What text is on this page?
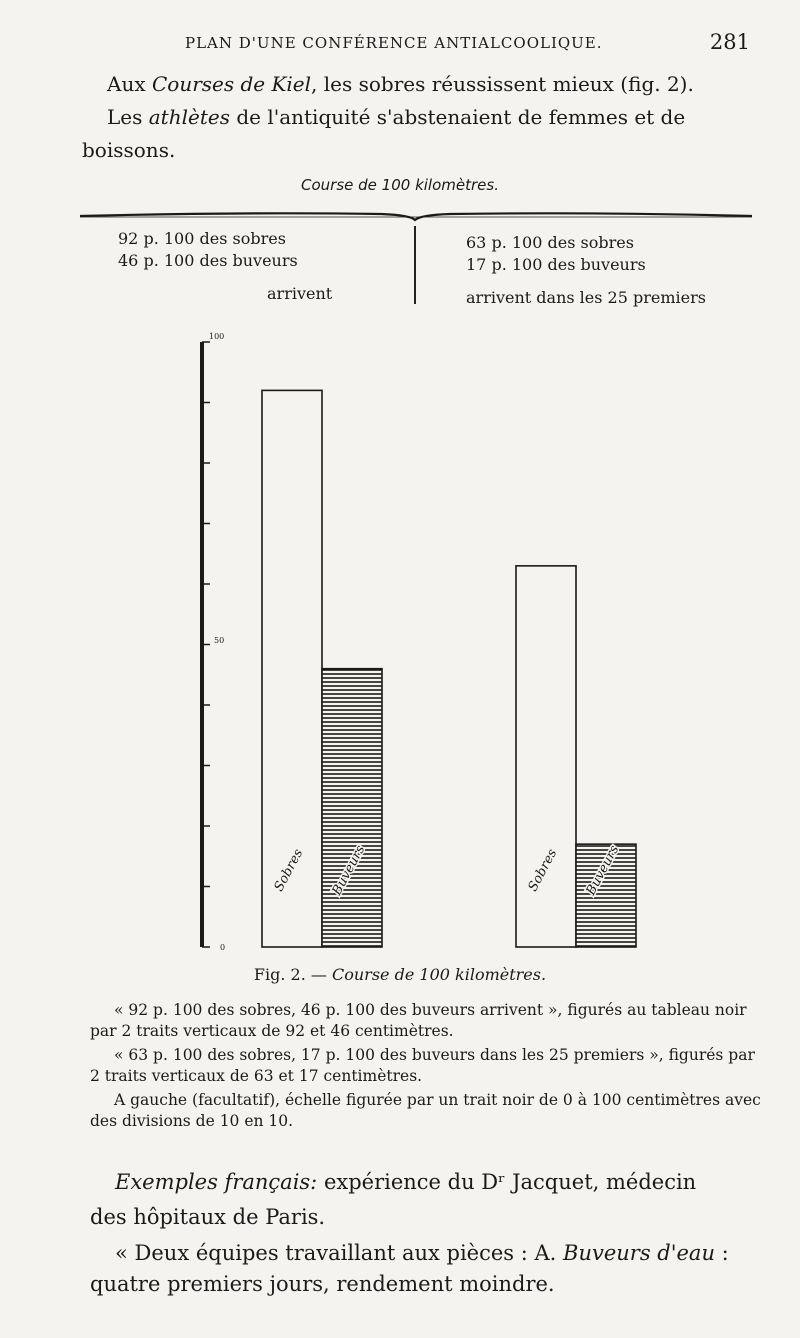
PLAN D'UNE CONFÉRENCE ANTIALCOOLIQUE.	281
Aux Courses de Kiel, les sobres réussissent mieux (fig. 2).
Les athlètes de l'antiquité s'abstenaient de femmes et de
boissons.
Course de 100 kilomètres.
92 p. 100 des sobres
46 p. 100 des buveurs
arrivent
63 p. 100 des sobres
17 p. 100 des buveurs
arrivent dans les 25 premiers
100
50
0
Sobres Buveurs	Sobres Buveurs
Fig. 2. — Course de 100 kilomètres.
« 92 p. 100 des sobres, 46 p. 100 des buveurs arrivent », figurés au tableau noir par 2 traits verticaux de 92 et 46 centimètres.
« 63 p. 100 des sobres, 17 p. 100 des buveurs dans les 25 premiers », figurés par 2 traits verticaux de 63 et 17 centimètres.
A gauche (facultatif), échelle figurée par un trait noir de 0 à 100 centimètres avec des divisions de 10 en 10.
Exemples français: expérience du Dʳ Jacquet, médecin
des hôpitaux de Paris.
« Deux équipes travaillant aux pièces : A. Buveurs d'eau :
quatre premiers jours, rendement moindre.
